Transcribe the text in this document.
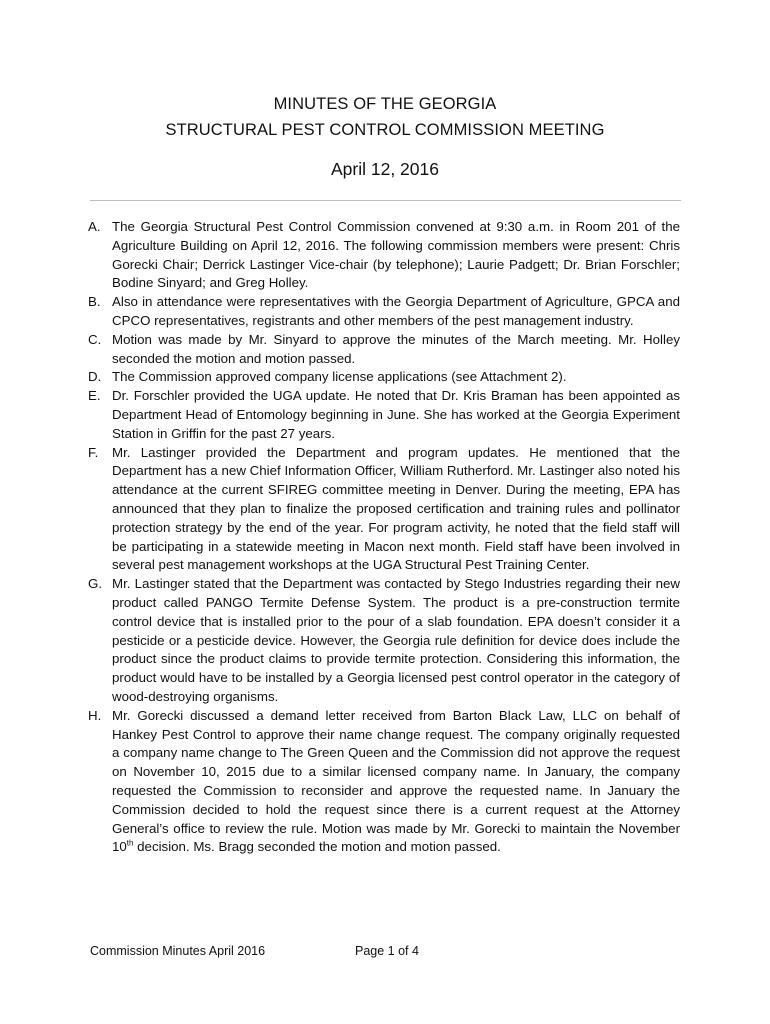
MINUTES OF THE GEORGIA
STRUCTURAL PEST CONTROL COMMISSION MEETING
April 12, 2016
A. The Georgia Structural Pest Control Commission convened at 9:30 a.m. in Room 201 of the Agriculture Building on April 12, 2016. The following commission members were present: Chris Gorecki Chair; Derrick Lastinger Vice-chair (by telephone); Laurie Padgett; Dr. Brian Forschler; Bodine Sinyard; and Greg Holley.
B. Also in attendance were representatives with the Georgia Department of Agriculture, GPCA and CPCO representatives, registrants and other members of the pest management industry.
C. Motion was made by Mr. Sinyard to approve the minutes of the March meeting. Mr. Holley seconded the motion and motion passed.
D. The Commission approved company license applications (see Attachment 2).
E. Dr. Forschler provided the UGA update. He noted that Dr. Kris Braman has been appointed as Department Head of Entomology beginning in June. She has worked at the Georgia Experiment Station in Griffin for the past 27 years.
F. Mr. Lastinger provided the Department and program updates. He mentioned that the Department has a new Chief Information Officer, William Rutherford. Mr. Lastinger also noted his attendance at the current SFIREG committee meeting in Denver. During the meeting, EPA has announced that they plan to finalize the proposed certification and training rules and pollinator protection strategy by the end of the year. For program activity, he noted that the field staff will be participating in a statewide meeting in Macon next month. Field staff have been involved in several pest management workshops at the UGA Structural Pest Training Center.
G. Mr. Lastinger stated that the Department was contacted by Stego Industries regarding their new product called PANGO Termite Defense System. The product is a pre-construction termite control device that is installed prior to the pour of a slab foundation. EPA doesn’t consider it a pesticide or a pesticide device. However, the Georgia rule definition for device does include the product since the product claims to provide termite protection. Considering this information, the product would have to be installed by a Georgia licensed pest control operator in the category of wood-destroying organisms.
H. Mr. Gorecki discussed a demand letter received from Barton Black Law, LLC on behalf of Hankey Pest Control to approve their name change request. The company originally requested a company name change to The Green Queen and the Commission did not approve the request on November 10, 2015 due to a similar licensed company name. In January, the company requested the Commission to reconsider and approve the requested name. In January the Commission decided to hold the request since there is a current request at the Attorney General’s office to review the rule. Motion was made by Mr. Gorecki to maintain the November 10th decision. Ms. Bragg seconded the motion and motion passed.
Commission Minutes April 2016	Page 1 of 4
